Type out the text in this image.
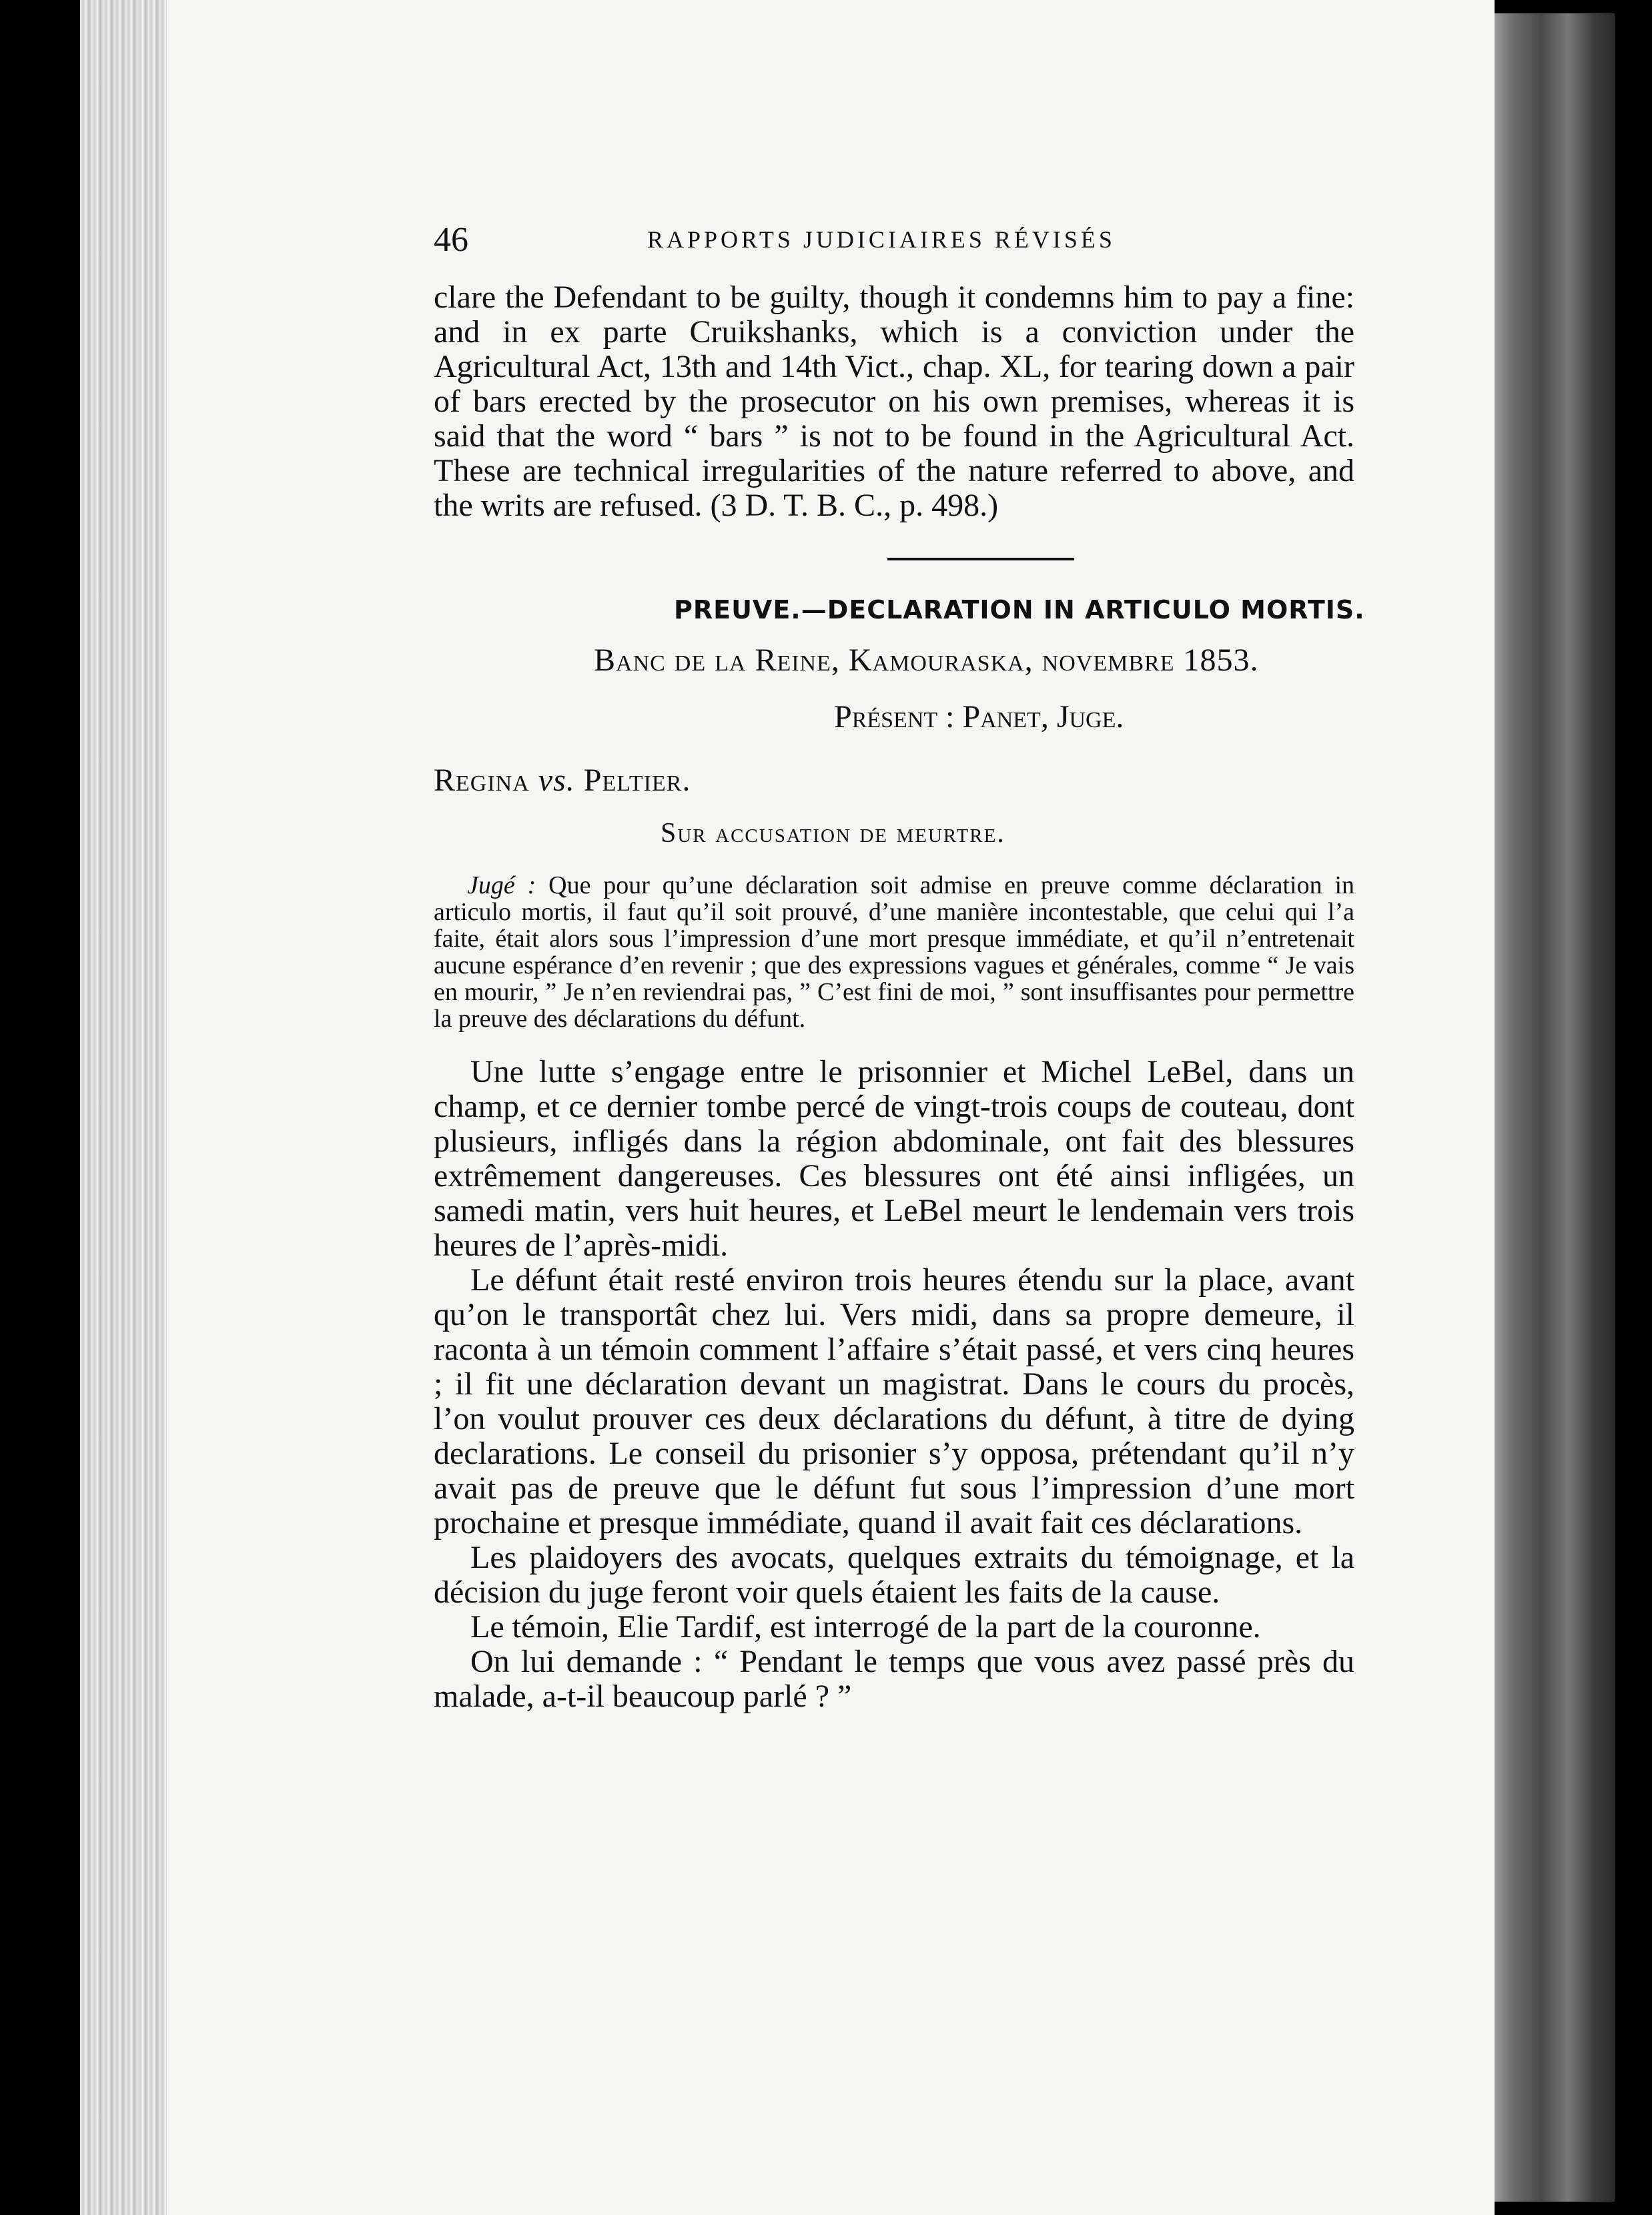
46	RAPPORTS JUDICIAIRES RÉVISÉS

clare the Defendant to be guilty, though it condemns him to pay a fine: and in ex parte Cruikshanks, which is a conviction under the Agricultural Act, 13th and 14th Vict., chap. XL, for tearing down a pair of bars erected by the prosecutor on his own premises, whereas it is said that the word “ bars ” is not to be found in the Agricultural Act. These are technical irregularities of the nature referred to above, and the writs are refused. (3 D. T. B. C., p. 498.)

PREUVE.—DECLARATION IN ARTICULO MORTIS.
Banc de la Reine, Kamouraska, novembre 1853.
Présent : Panet, Juge.
Regina vs. Peltier.
Sur accusation de meurtre.

Jugé : Que pour qu’une déclaration soit admise en preuve comme déclaration in articulo mortis, il faut qu’il soit prouvé, d’une manière incontestable, que celui qui l’a faite, était alors sous l’impression d’une mort presque immédiate, et qu’il n’entretenait aucune espérance d’en revenir ; que des expressions vagues et générales, comme “ Je vais en mourir, ” Je n’en reviendrai pas, ” C’est fini de moi, ” sont insuffisantes pour permettre la preuve des déclarations du défunt.

Une lutte s’engage entre le prisonnier et Michel LeBel, dans un champ, et ce dernier tombe percé de vingt-trois coups de couteau, dont plusieurs, infligés dans la région abdominale, ont fait des blessures extrêmement dangereuses. Ces blessures ont été ainsi infligées, un samedi matin, vers huit heures, et LeBel meurt le lendemain vers trois heures de l’après-midi.

Le défunt était resté environ trois heures étendu sur la place, avant qu’on le transportât chez lui. Vers midi, dans sa propre demeure, il raconta à un témoin comment l’affaire s’était passé, et vers cinq heures ; il fit une déclaration devant un magistrat. Dans le cours du procès, l’on voulut prouver ces deux déclarations du défunt, à titre de dying declarations. Le conseil du prisonier s’y opposa, prétendant qu’il n’y avait pas de preuve que le défunt fut sous l’impression d’une mort prochaine et presque immédiate, quand il avait fait ces déclarations.

Les plaidoyers des avocats, quelques extraits du témoignage, et la décision du juge feront voir quels étaient les faits de la cause.

Le témoin, Elie Tardif, est interrogé de la part de la couronne.

On lui demande : “ Pendant le temps que vous avez passé près du malade, a-t-il beaucoup parlé ? ”
